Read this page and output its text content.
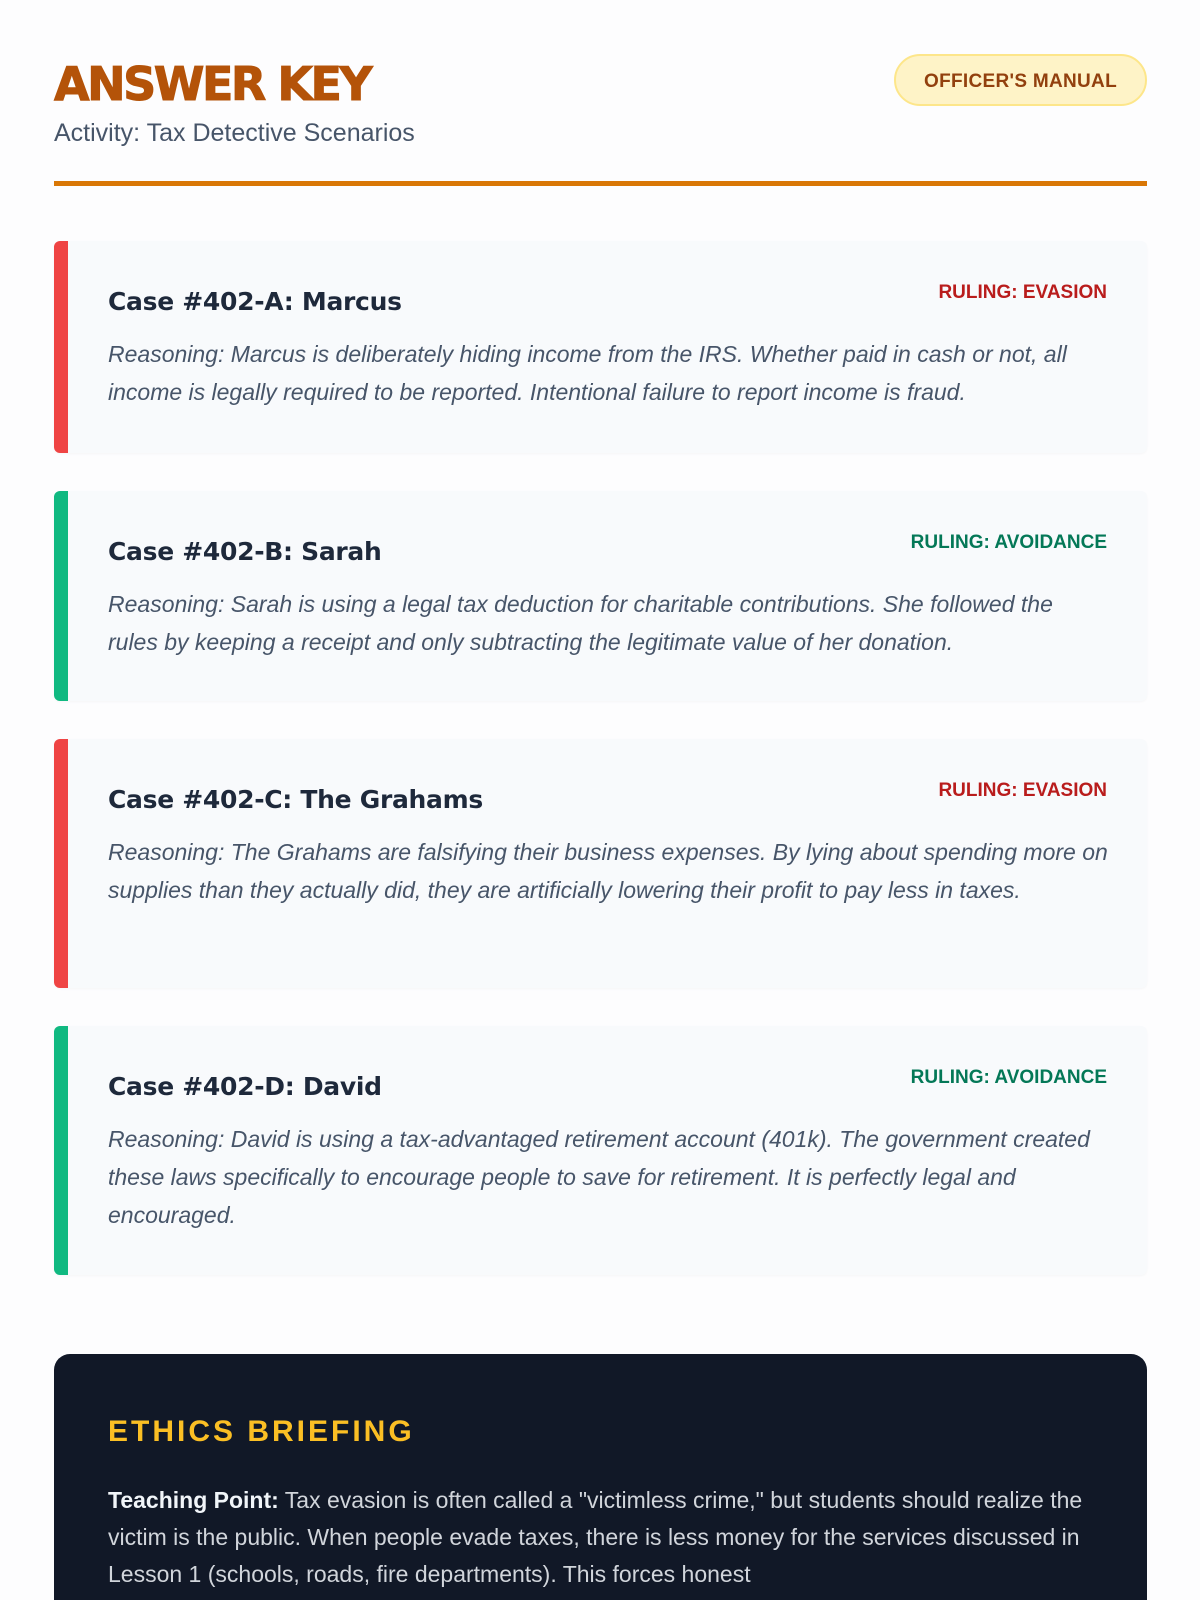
ANSWER KEY
Activity: Tax Detective Scenarios
OFFICER'S MANUAL
Case #402-A: Marcus	RULING: EVASION
Reasoning: Marcus is deliberately hiding income from the IRS. Whether paid in cash or not, all income is legally required to be reported. Intentional failure to report income is fraud.
Case #402-B: Sarah	RULING: AVOIDANCE
Reasoning: Sarah is using a legal tax deduction for charitable contributions. She followed the rules by keeping a receipt and only subtracting the legitimate value of her donation.
Case #402-C: The Grahams	RULING: EVASION
Reasoning: The Grahams are falsifying their business expenses. By lying about spending more on supplies than they actually did, they are artificially lowering their profit to pay less in taxes.
Case #402-D: David	RULING: AVOIDANCE
Reasoning: David is using a tax-advantaged retirement account (401k). The government created these laws specifically to encourage people to save for retirement. It is perfectly legal and encouraged.
ETHICS BRIEFING
Teaching Point: Tax evasion is often called a "victimless crime," but students should realize the victim is the public. When people evade taxes, there is less money for the services discussed in Lesson 1 (schools, roads, fire departments). This forces honest
